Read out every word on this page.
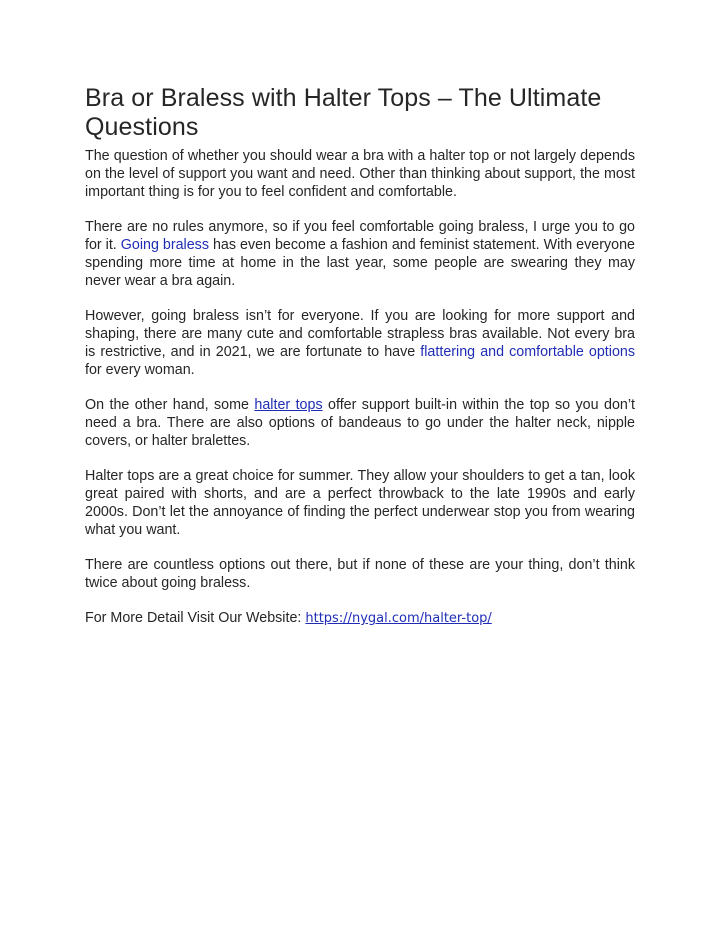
Bra or Braless with Halter Tops – The Ultimate Questions

The question of whether you should wear a bra with a halter top or not largely depends on the level of support you want and need. Other than thinking about support, the most important thing is for you to feel confident and comfortable.

There are no rules anymore, so if you feel comfortable going braless, I urge you to go for it. Going braless has even become a fashion and feminist statement. With everyone spending more time at home in the last year, some people are swearing they may never wear a bra again.

However, going braless isn’t for everyone. If you are looking for more support and shaping, there are many cute and comfortable strapless bras available. Not every bra is restrictive, and in 2021, we are fortunate to have flattering and comfortable options for every woman.

On the other hand, some halter tops offer support built-in within the top so you don’t need a bra. There are also options of bandeaus to go under the halter neck, nipple covers, or halter bralettes.

Halter tops are a great choice for summer. They allow your shoulders to get a tan, look great paired with shorts, and are a perfect throwback to the late 1990s and early 2000s. Don’t let the annoyance of finding the perfect underwear stop you from wearing what you want.

There are countless options out there, but if none of these are your thing, don’t think twice about going braless.

For More Detail Visit Our Website: https://nygal.com/halter-top/
